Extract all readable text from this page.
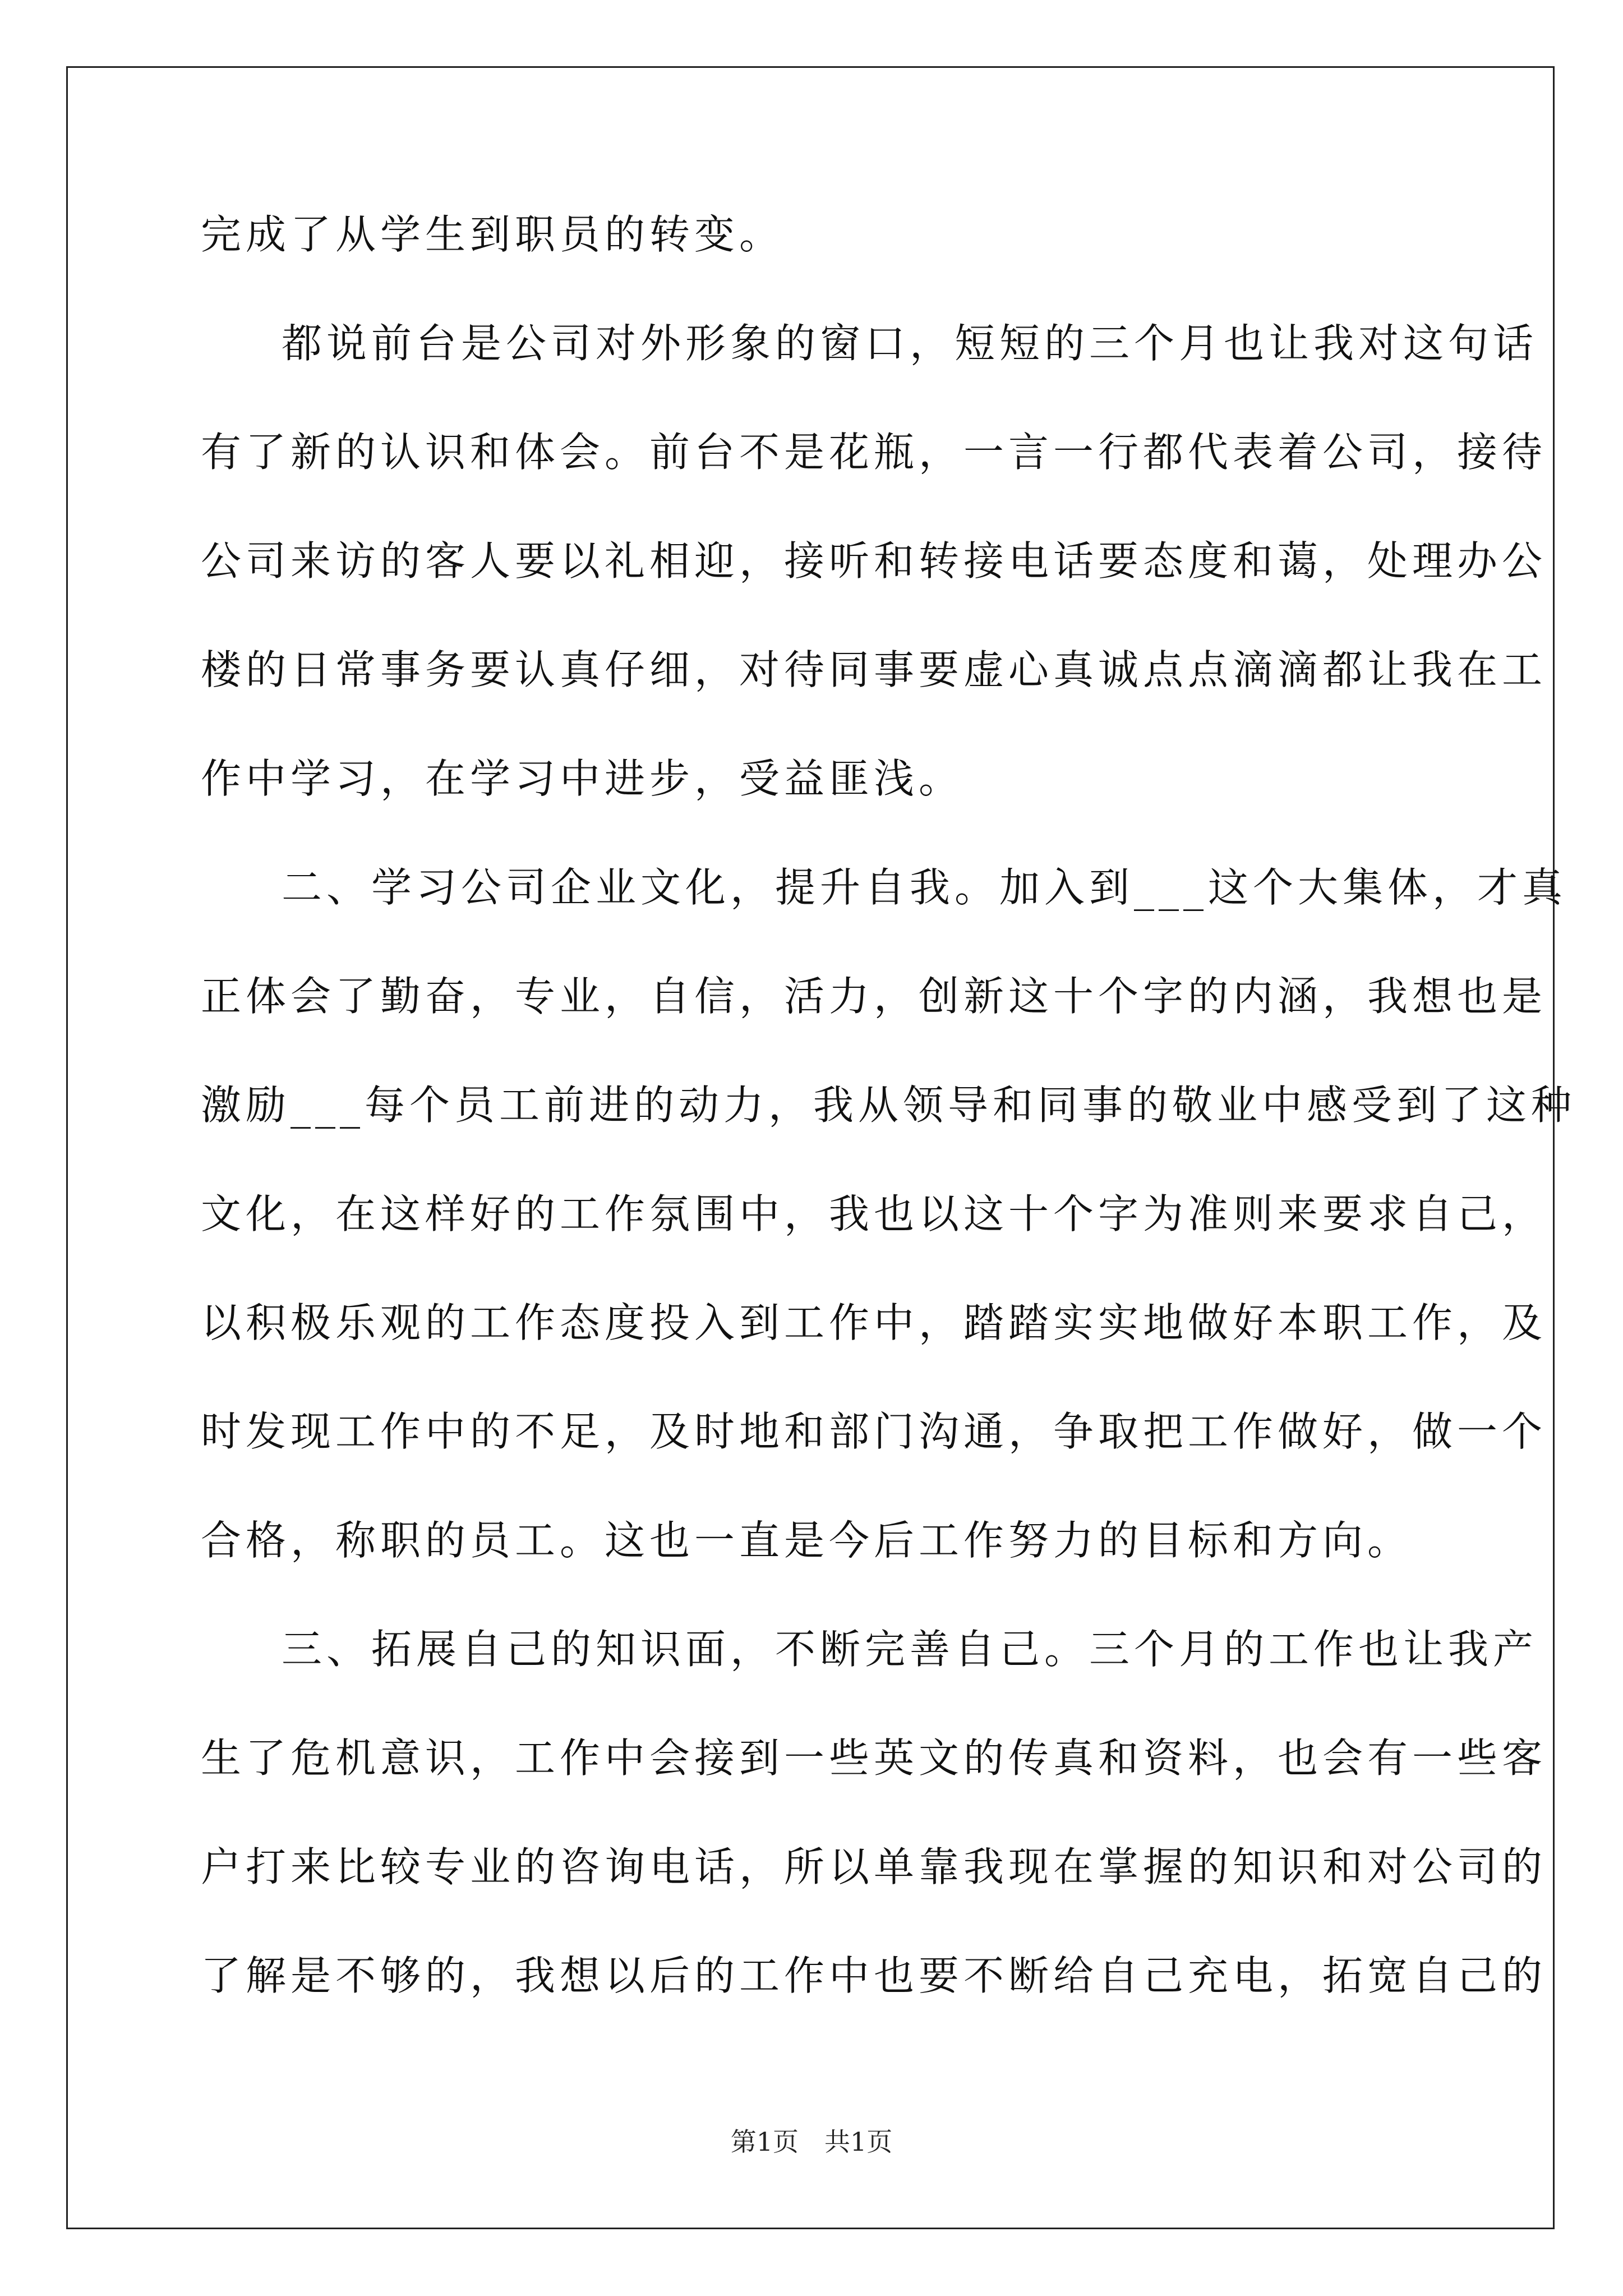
完成了从学生到职员的转变。
都说前台是公司对外形象的窗口，短短的三个月也让我对这句话
有了新的认识和体会。前台不是花瓶，一言一行都代表着公司，接待
公司来访的客人要以礼相迎，接听和转接电话要态度和蔼，处理办公
楼的日常事务要认真仔细，对待同事要虚心真诚点点滴滴都让我在工
作中学习，在学习中进步，受益匪浅。
二、学习公司企业文化，提升自我。加入到___这个大集体，才真
正体会了勤奋，专业，自信，活力，创新这十个字的内涵，我想也是
激励___每个员工前进的动力，我从领导和同事的敬业中感受到了这种
文化，在这样好的工作氛围中，我也以这十个字为准则来要求自己，
以积极乐观的工作态度投入到工作中，踏踏实实地做好本职工作，及
时发现工作中的不足，及时地和部门沟通，争取把工作做好，做一个
合格，称职的员工。这也一直是今后工作努力的目标和方向。
三、拓展自己的知识面，不断完善自己。三个月的工作也让我产
生了危机意识，工作中会接到一些英文的传真和资料，也会有一些客
户打来比较专业的咨询电话，所以单靠我现在掌握的知识和对公司的
了解是不够的，我想以后的工作中也要不断给自己充电，拓宽自己的
第1页　共1页
